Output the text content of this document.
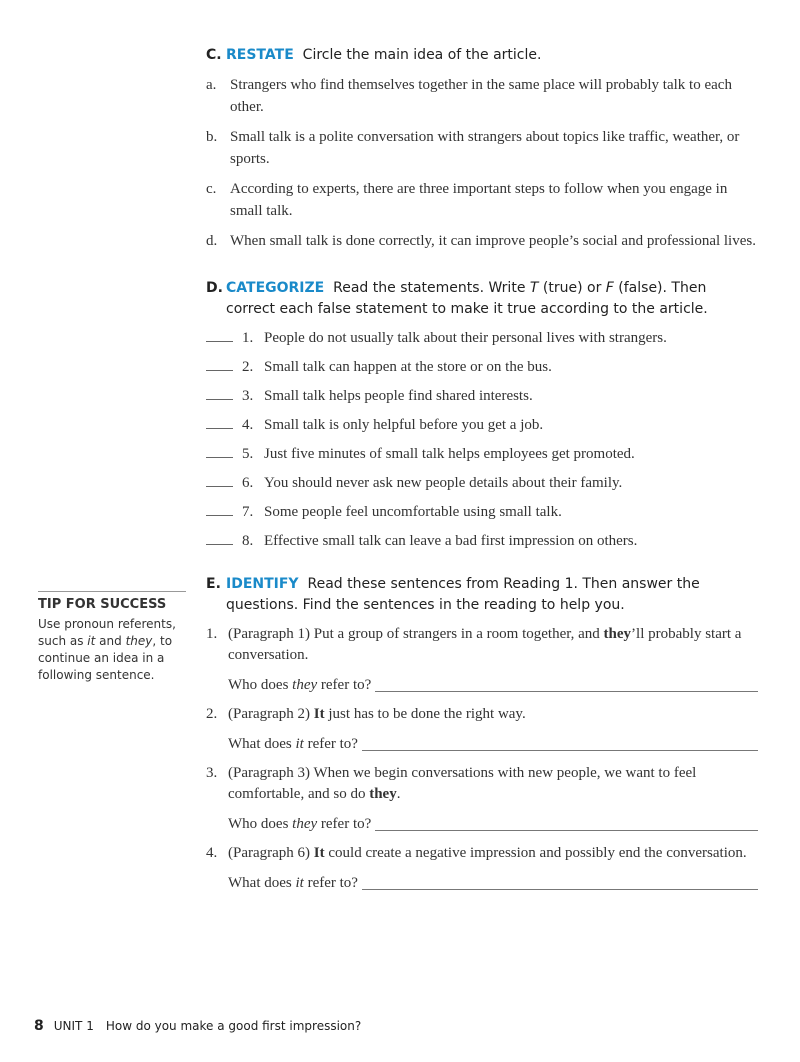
C. RESTATE Circle the main idea of the article.
a. Strangers who find themselves together in the same place will probably talk to each other.
b. Small talk is a polite conversation with strangers about topics like traffic, weather, or sports.
c. According to experts, there are three important steps to follow when you engage in small talk.
d. When small talk is done correctly, it can improve people’s social and professional lives.
D. CATEGORIZE Read the statements. Write T (true) or F (false). Then correct each false statement to make it true according to the article.
1. People do not usually talk about their personal lives with strangers.
2. Small talk can happen at the store or on the bus.
3. Small talk helps people find shared interests.
4. Small talk is only helpful before you get a job.
5. Just five minutes of small talk helps employees get promoted.
6. You should never ask new people details about their family.
7. Some people feel uncomfortable using small talk.
8. Effective small talk can leave a bad first impression on others.
E. IDENTIFY Read these sentences from Reading 1. Then answer the questions. Find the sentences in the reading to help you.
1. (Paragraph 1) Put a group of strangers in a room together, and they’ll probably start a conversation.
Who does they refer to?
2. (Paragraph 2) It just has to be done the right way.
What does it refer to?
3. (Paragraph 3) When we begin conversations with new people, we want to feel comfortable, and so do they.
Who does they refer to?
4. (Paragraph 6) It could create a negative impression and possibly end the conversation.
What does it refer to?
TIP FOR SUCCESS
Use pronoun referents, such as it and they, to continue an idea in a following sentence.
8 UNIT 1 How do you make a good first impression?
